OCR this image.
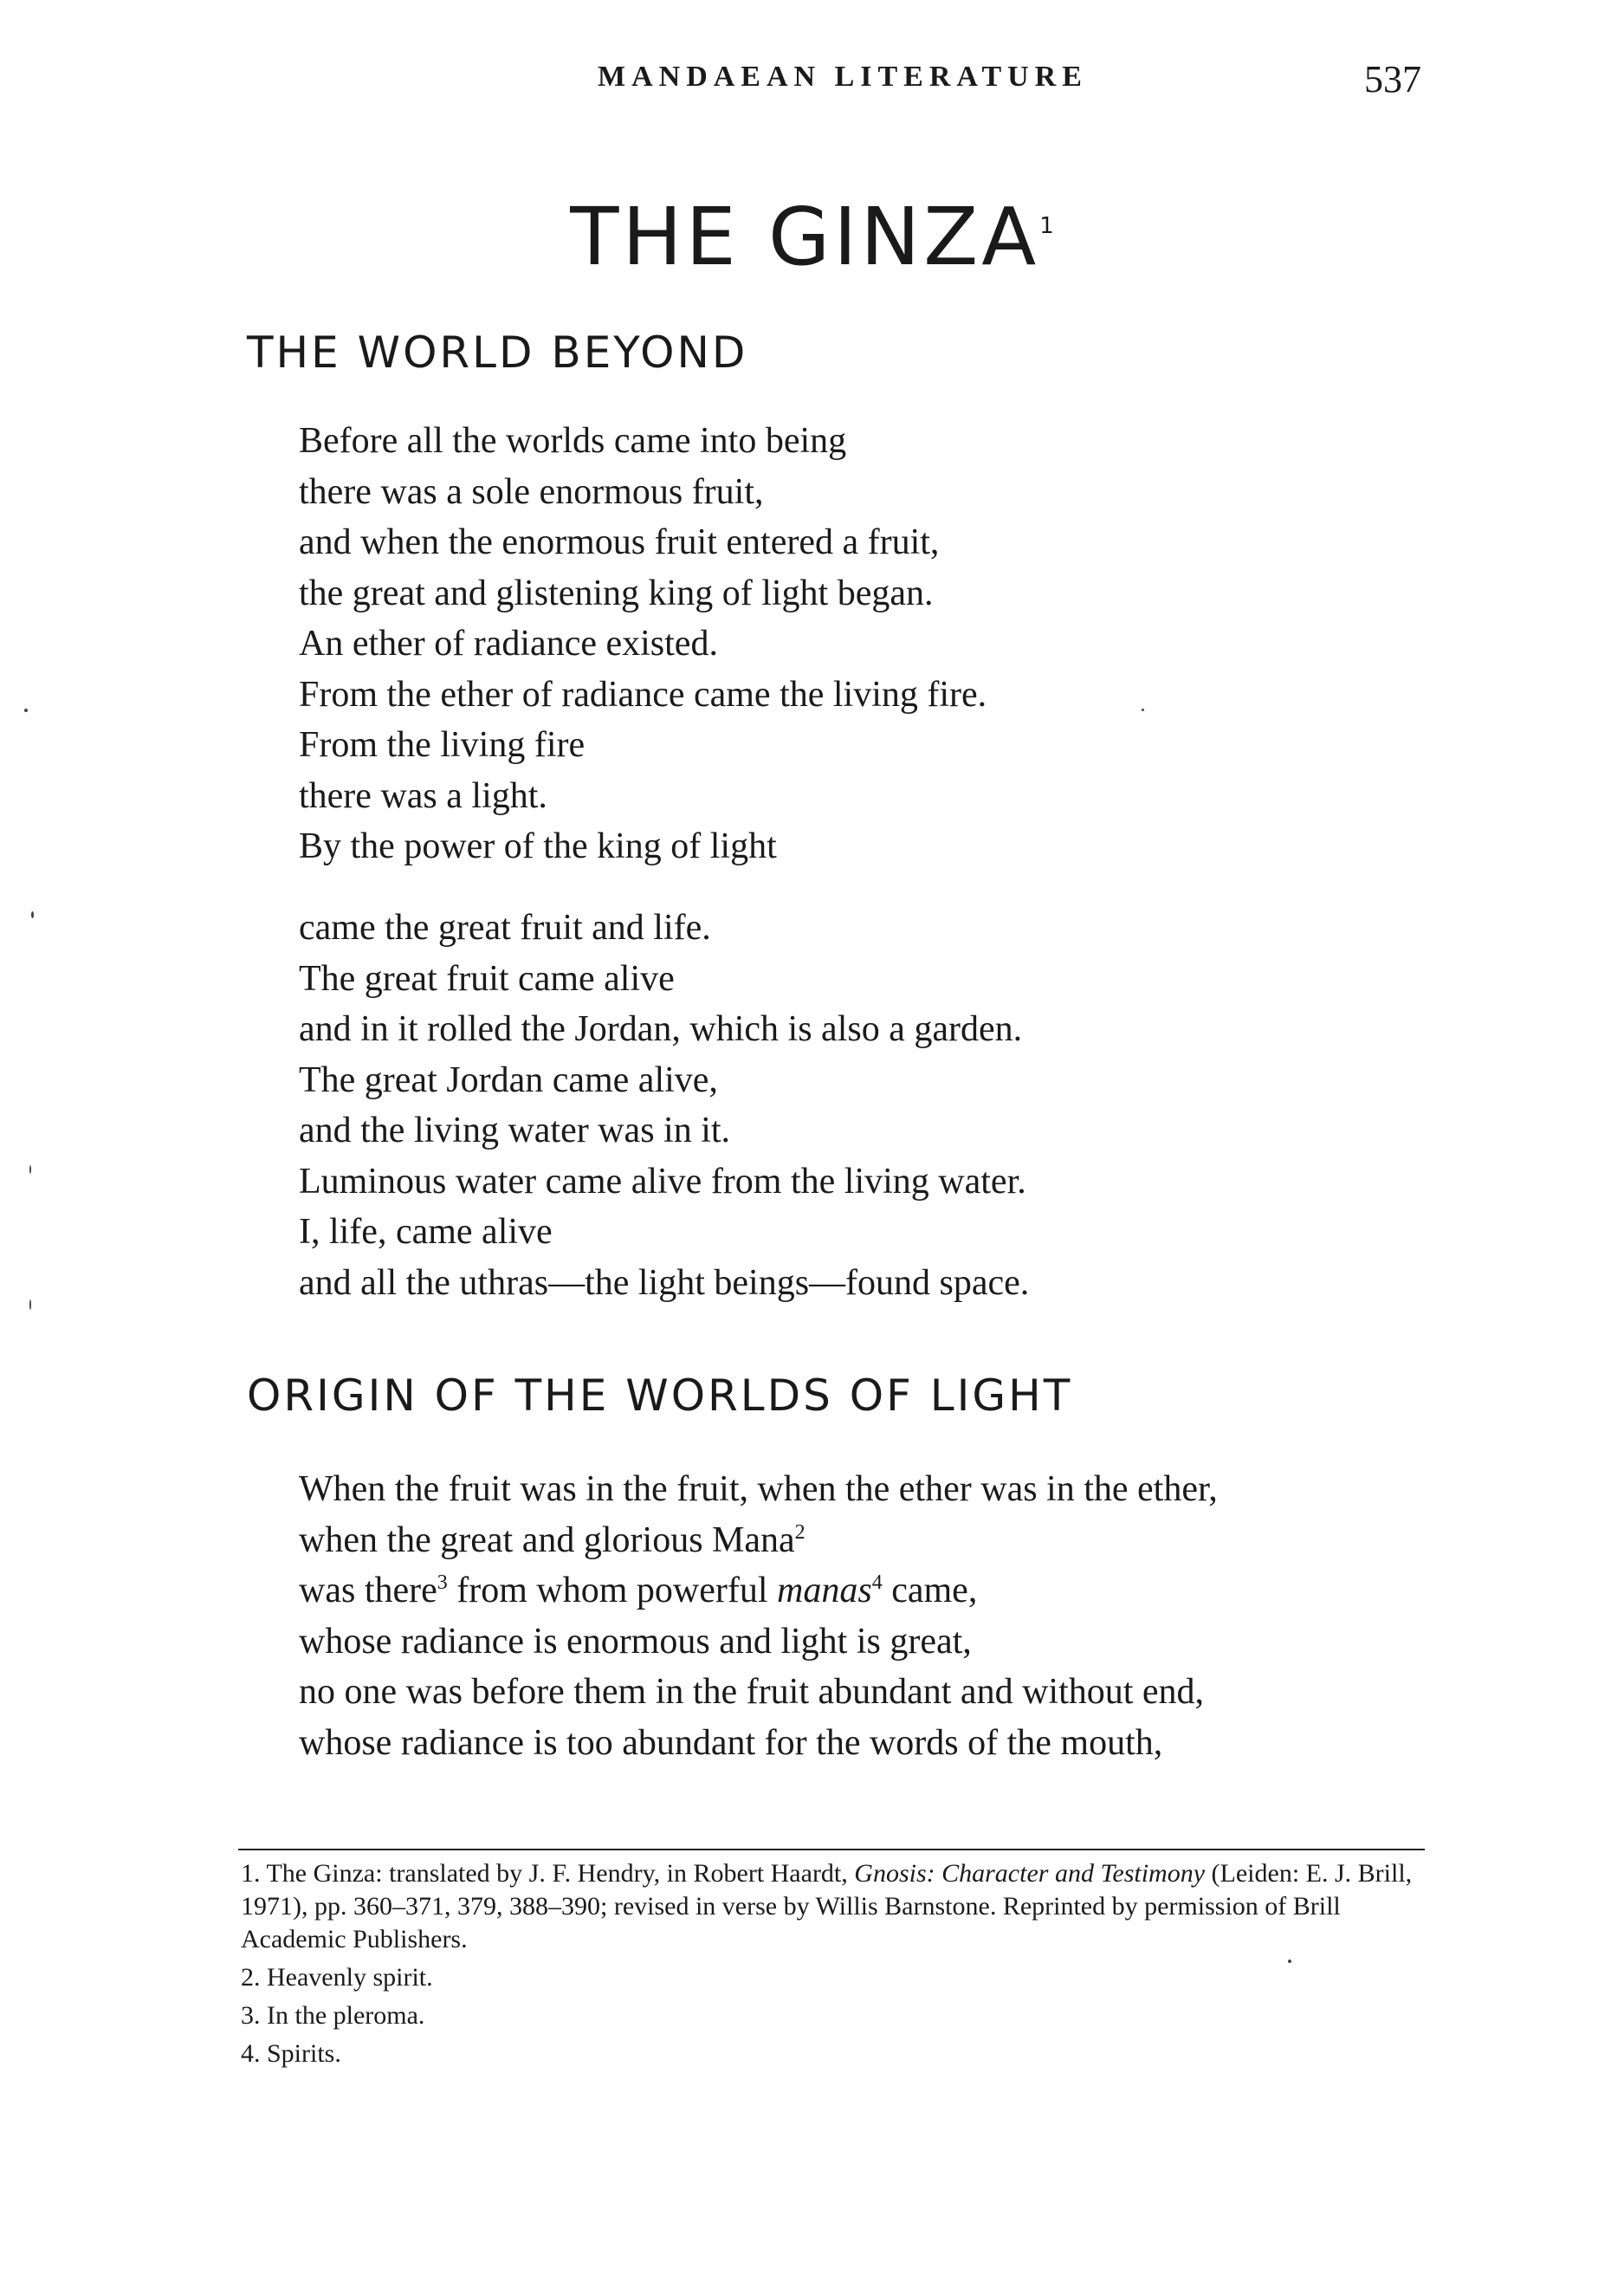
MANDAEAN LITERATURE	537
THE GINZA$^1$
THE WORLD BEYOND
Before all the worlds came into being
there was a sole enormous fruit,
and when the enormous fruit entered a fruit,
the great and glistening king of light began.
An ether of radiance existed.
From the ether of radiance came the living fire.
From the living fire
there was a light.
By the power of the king of light
came the great fruit and life.
The great fruit came alive
and in it rolled the Jordan, which is also a garden.
The great Jordan came alive,
and the living water was in it.
Luminous water came alive from the living water.
I, life, came alive
and all the uthras—the light beings—found space.
ORIGIN OF THE WORLDS OF LIGHT
When the fruit was in the fruit, when the ether was in the ether,
when the great and glorious Mana$^2$
was there$^3$ from whom powerful manas$^4$ came,
whose radiance is enormous and light is great,
no one was before them in the fruit abundant and without end,
whose radiance is too abundant for the words of the mouth,
1. The Ginza: translated by J. F. Hendry, in Robert Haardt, Gnosis: Character and Testimony (Leiden: E. J. Brill, 1971), pp. 360–371, 379, 388–390; revised in verse by Willis Barnstone. Reprinted by permission of Brill Academic Publishers.
2. Heavenly spirit.
3. In the pleroma.
4. Spirits.
